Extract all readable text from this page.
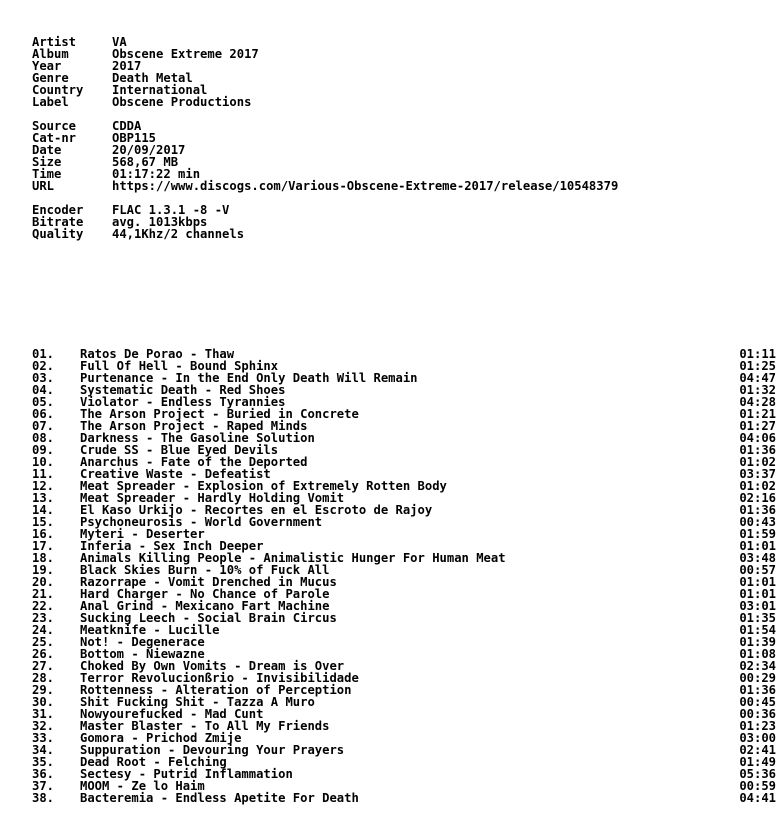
Artist	VA
Album	Obscene Extreme 2017
Year	2017
Genre	Death Metal
Country International
Label	Obscene Productions
Source	CDDA
Cat-nr	OBP115
Date	20/09/2017
Size	568,67 MB
Time	01:17:22 min
URL	https://www.discogs.com/Various-Obscene-Extreme-2017/release/10548379
Encoder FLAC 1.3.1 -8 -V
Bitrate avg. 1013kbps
Quality 44,1Khz/2 channels
01. Ratos De Porao - Thaw	01:11
02. Full Of Hell - Bound Sphinx	01:25
03. Purtenance - In the End Only Death Will Remain	04:47
04. Systematic Death - Red Shoes	01:32
05. Violator - Endless Tyrannies	04:28
06. The Arson Project - Buried in Concrete	01:21
07. The Arson Project - Raped Minds	01:27
08. Darkness - The Gasoline Solution	04:06
09. Crude SS - Blue Eyed Devils	01:36
10. Anarchus - Fate of the Deported	01:02
11. Creative Waste - Defeatist	03:37
12. Meat Spreader - Explosion of Extremely Rotten Body	01:02
13. Meat Spreader - Hardly Holding Vomit	02:16
14. El Kaso Urkijo - Recortes en el Escroto de Rajoy	01:36
15. Psychoneurosis - World Government	00:43
16. Myteri - Deserter	01:59
17. Inferia - Sex Inch Deeper	01:01
18. Animals Killing People - Animalistic Hunger For Human Meat	03:48
19. Black Skies Burn - 10% of Fuck All	00:57
20. Razorrape - Vomit Drenched in Mucus	01:01
21. Hard Charger - No Chance of Parole	01:01
22. Anal Grind - Mexicano Fart Machine	03:01
23. Sucking Leech - Social Brain Circus	01:35
24. Meatknife - Lucille	01:54
25. Not! - Degenerace	01:39
26. Bottom - Niewazne	01:08
27. Choked By Own Vomits - Dream is Over	02:34
28. Terror Revolucionßrio - Invisibilidade	00:29
29. Rottenness - Alteration of Perception	01:36
30. Shit Fucking Shit - Tazza A Muro	00:45
31. Nowyourefucked - Mad Cunt	00:36
32. Master Blaster - To All My Friends	01:23
33. Gomora - Prichod Zmije	03:00
34. Suppuration - Devouring Your Prayers	02:41
35. Dead Root - Felching	01:49
36. Sectesy - Putrid Inflammation	05:36
37. MOOM - Ze lo Haim	00:59
38. Bacteremia - Endless Apetite For Death	04:41
